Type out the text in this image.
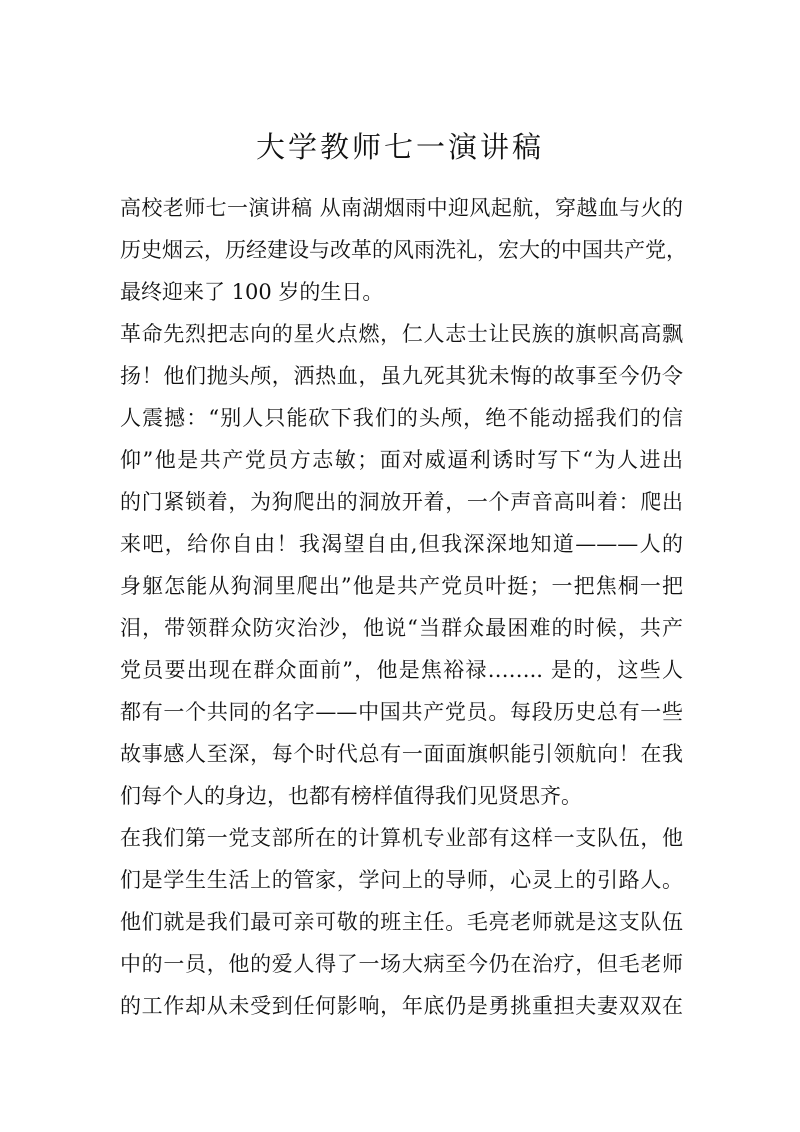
大学教师七一演讲稿
高校老师七一演讲稿 从南湖烟雨中迎风起航，穿越血与火的
历史烟云，历经建设与改革的风雨洗礼，宏大的中国共产党，
最终迎来了 100 岁的生日。
革命先烈把志向的星火点燃，仁人志士让民族的旗帜高高飘
扬！他们抛头颅，洒热血，虽九死其犹未悔的故事至今仍令
人震撼：“别人只能砍下我们的头颅，绝不能动摇我们的信
仰”他是共产党员方志敏；面对威逼利诱时写下“为人进出
的门紧锁着，为狗爬出的洞放开着，一个声音高叫着：爬出
来吧，给你自由！我渴望自由,但我深深地知道———人的
身躯怎能从狗洞里爬出”他是共产党员叶挺；一把焦桐一把
泪，带领群众防灾治沙，他说“当群众最困难的时候，共产
党员要出现在群众面前”，他是焦裕禄…….. 是的，这些人
都有一个共同的名字——中国共产党员。每段历史总有一些
故事感人至深，每个时代总有一面面旗帜能引领航向！在我
们每个人的身边，也都有榜样值得我们见贤思齐。
在我们第一党支部所在的计算机专业部有这样一支队伍，他
们是学生生活上的管家，学问上的导师，心灵上的引路人。
他们就是我们最可亲可敬的班主任。毛亮老师就是这支队伍
中的一员，他的爱人得了一场大病至今仍在治疗，但毛老师
的工作却从未受到任何影响，年底仍是勇挑重担夫妻双双在
